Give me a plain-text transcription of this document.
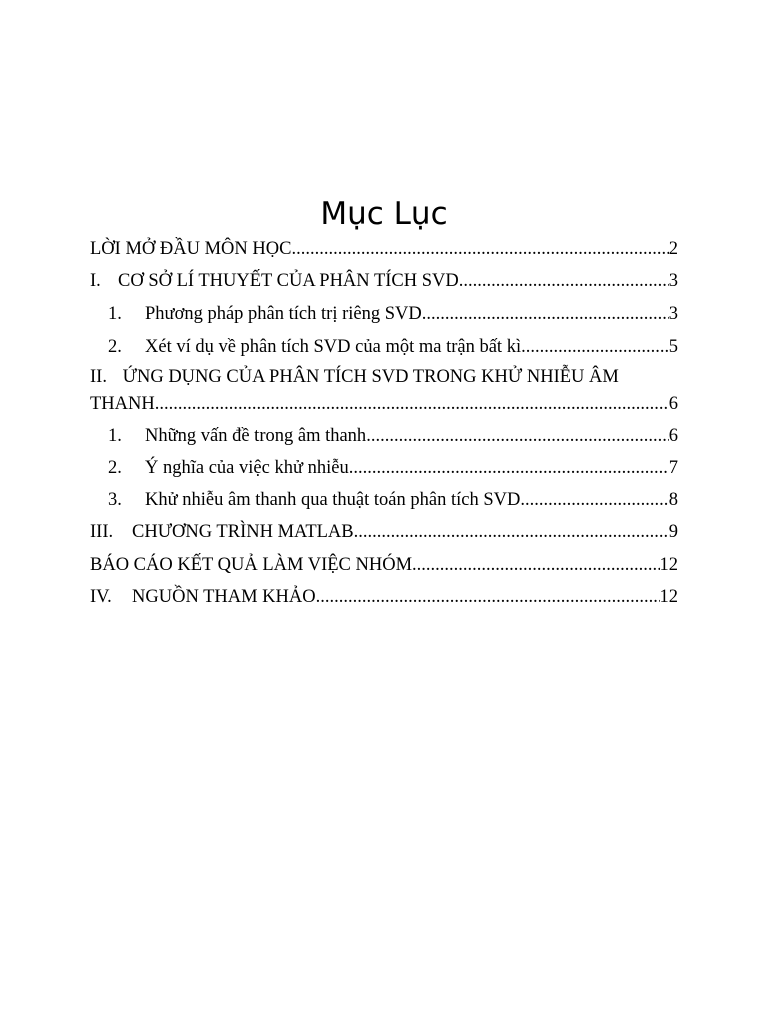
Mục Lục
LỜI MỞ ĐẦU MÔN HỌC .....	2
I. CƠ SỞ LÍ THUYẾT CỦA PHÂN TÍCH SVD .....	3
1.	Phương pháp phân tích trị riêng SVD .....	3
2.	Xét ví dụ về phân tích SVD của một ma trận bất kì .....	5
II. ỨNG DỤNG CỦA PHÂN TÍCH SVD TRONG KHỬ NHIỄU ÂM
THANH .....	6
1.	Những vấn đề trong âm thanh .....	6
2.	Ý nghĩa của việc khử nhiễu .....	7
3.	Khử nhiễu âm thanh qua thuật toán phân tích SVD .....	8
III.	CHƯƠNG TRÌNH MATLAB .....	9
BÁO CÁO KẾT QUẢ LÀM VIỆC NHÓM .....	12
IV.	NGUỒN THAM KHẢO .....	12
